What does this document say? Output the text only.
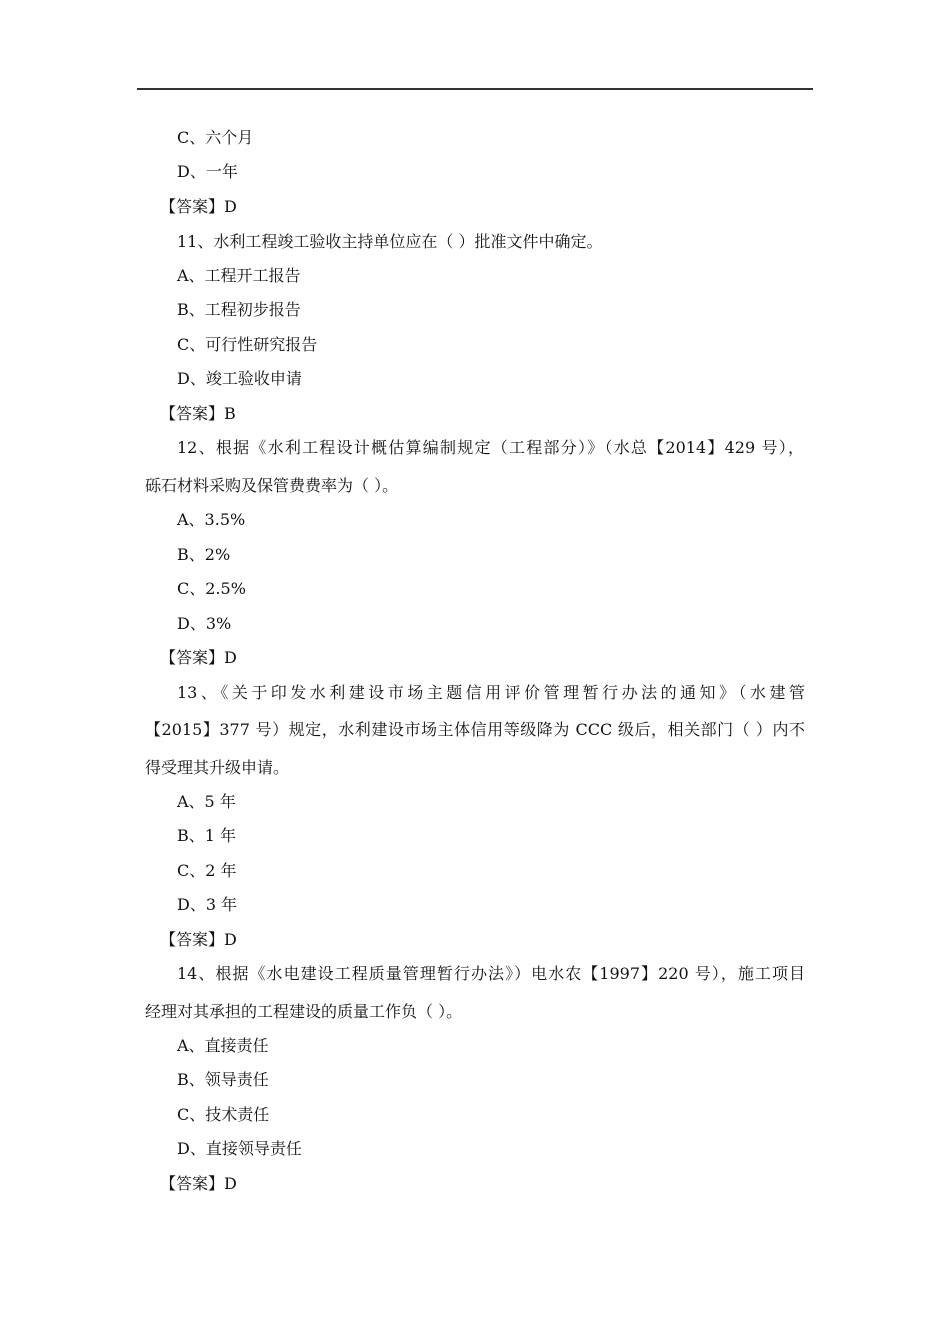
C、六个月
D、一年
【答案】D
11、水利工程竣工验收主持单位应在（ ）批准文件中确定。
A、工程开工报告
B、工程初步报告
C、可行性研究报告
D、竣工验收申请
【答案】B
12、根据《水利工程设计概估算编制规定（工程部分）》（水总【2014】429 号），
砾石材料采购及保管费费率为（ ）。
A、3.5%
B、2%
C、2.5%
D、3%
【答案】D
13、《关于印发水利建设市场主题信用评价管理暂行办法的通知》（水建管
【2015】377 号）规定，水利建设市场主体信用等级降为 CCC 级后，相关部门（ ）内不
得受理其升级申请。
A、5 年
B、1 年
C、2 年
D、3 年
【答案】D
14、根据《水电建设工程质量管理暂行办法》）电水农【1997】220 号），施工项目
经理对其承担的工程建设的质量工作负（ ）。
A、直接责任
B、领导责任
C、技术责任
D、直接领导责任
【答案】D
